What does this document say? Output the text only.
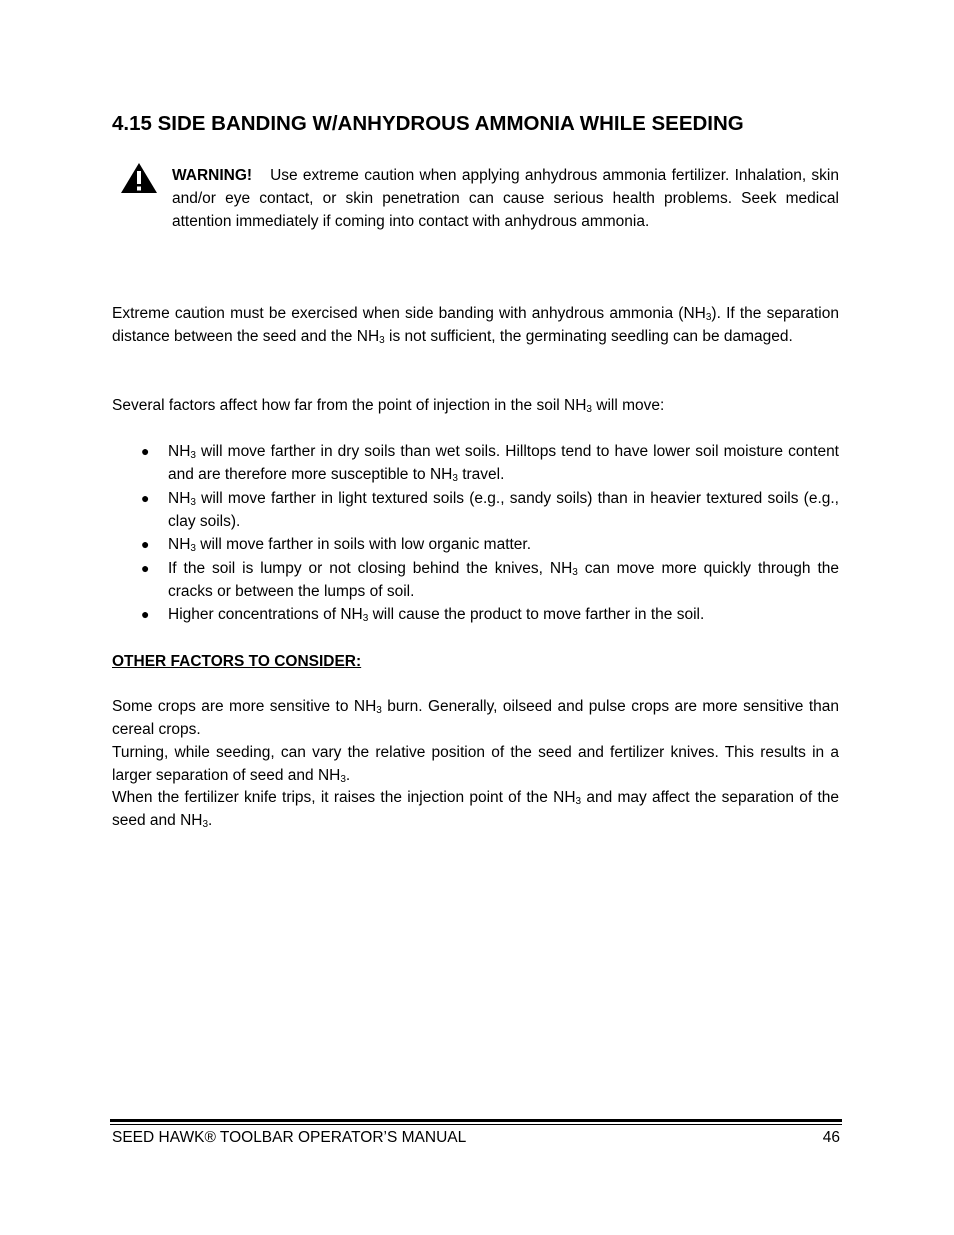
4.15 SIDE BANDING W/ANHYDROUS AMMONIA WHILE SEEDING

WARNING! Use extreme caution when applying anhydrous ammonia fertilizer. Inhalation, skin and/or eye contact, or skin penetration can cause serious health problems. Seek medical attention immediately if coming into contact with anhydrous ammonia.

Extreme caution must be exercised when side banding with anhydrous ammonia $(NH_3)$. If the separation distance between the seed and the $NH_3$ is not sufficient, the germinating seedling can be damaged.

Several factors affect how far from the point of injection in the soil $NH_3$ will move:

● $NH_3$ will move farther in dry soils than wet soils. Hilltops tend to have lower soil moisture content and are therefore more susceptible to $NH_3$ travel.
● $NH_3$ will move farther in light textured soils (e.g., sandy soils) than in heavier textured soils (e.g., clay soils).
● $NH_3$ will move farther in soils with low organic matter.
● If the soil is lumpy or not closing behind the knives, $NH_3$ can move more quickly through the cracks or between the lumps of soil.
● Higher concentrations of $NH_3$ will cause the product to move farther in the soil.
OTHER FACTORS TO CONSIDER:

Some crops are more sensitive to $NH_3$ burn. Generally, oilseed and pulse crops are more sensitive than cereal crops.

Turning, while seeding, can vary the relative position of the seed and fertilizer knives. This results in a larger separation of seed and $NH_3$.

When the fertilizer knife trips, it raises the injection point of the $NH_3$ and may affect the separation of the seed and $NH_3$.

SEED HAWK® TOOLBAR OPERATOR’S MANUAL	46
